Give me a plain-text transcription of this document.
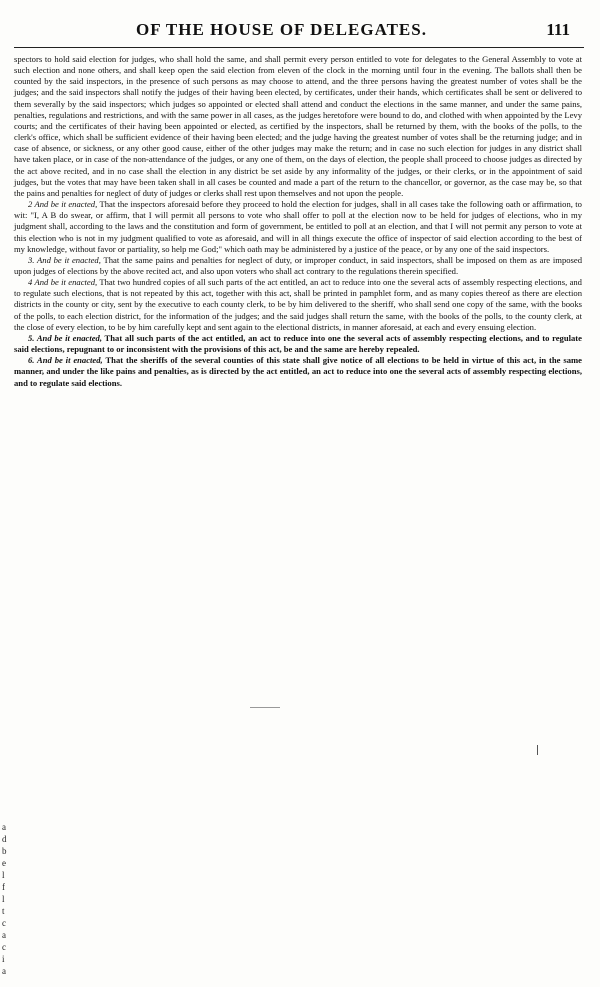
OF THE HOUSE OF DELEGATES.	111

spectors to hold said election for judges, who shall hold the same, and shall permit every person entitled to vote for delegates to the General Assembly to vote at such election and none others, and shall keep open the said election from eleven of the clock in the morning until four in the evening. The ballots shall then be counted by the said inspectors, in the presence of such persons as may choose to attend, and the three persons having the greatest number of votes shall be the judges; and the said inspectors shall notify the judges of their having been elected, by certificates, under their hands, which certificates shall be sent or delivered to them severally by the said inspectors; which judges so appointed or elected shall attend and conduct the elections in the same manner, and under the same pains, penalties, regulations and restrictions, and with the same power in all cases, as the judges heretofore were bound to do, and clothed with when appointed by the Levy courts; and the certificates of their having been appointed or elected, as certified by the inspectors, shall be returned by them, with the books of the polls, to the clerk's office, which shall be sufficient evidence of their having been elected; and the judge having the greatest number of votes shall be the returning judge; and in case of absence, or sickness, or any other good cause, either of the other judges may make the return; and in case no such election for judges in any district shall have taken place, or in case of the non-attendance of the judges, or any one of them, on the days of election, the people shall proceed to choose judges as directed by the act above recited, and in no case shall the election in any district be set aside by any informality of the judges, or their clerks, or in the appointment of said judges, but the votes that may have been taken shall in all cases be counted and made a part of the return to the chancellor, or governor, as the case may be, so that the pains and penalties for neglect of duty of judges or clerks shall rest upon themselves and not upon the people.

2 And be it enacted, That the inspectors aforesaid before they proceed to hold the election for judges, shall in all cases take the following oath or affirmation, to wit: "I, A B do swear, or affirm, that I will permit all persons to vote who shall offer to poll at the election now to be held for judges of elections, who in my judgment shall, according to the laws and the constitution and form of government, be entitled to poll at an election, and that I will not permit any person to vote at this election who is not in my judgment qualified to vote as aforesaid, and will in all things execute the office of inspector of said election according to the best of my knowledge, without favor or partiality, so help me God;" which oath may be administered by a justice of the peace, or by any one of the said inspectors.

3. And be it enacted, That the same pains and penalties for neglect of duty, or improper conduct, in said inspectors, shall be imposed on them as are imposed upon judges of elections by the above recited act, and also upon voters who shall act contrary to the regulations therein specified.

4 And be it enacted, That two hundred copies of all such parts of the act entitled, an act to reduce into one the several acts of assembly respecting elections, and to regulate such elections, that is not repeated by this act, together with this act, shall be printed in pamphlet form, and as many copies thereof as there are election districts in the county or city, sent by the executive to each county clerk, to be by him delivered to the sheriff, who shall send one copy of the same, with the books of the polls, to each election district, for the information of the judges; and the said judges shall return the same, with the books of the polls, to the county clerk, at the close of every election, to be by him carefully kept and sent again to the electional districts, in manner aforesaid, at each and every ensuing election.

5. And be it enacted, That all such parts of the act entitled, an act to reduce into one the several acts of assembly respecting elections, and to regulate said elections, repugnant to or inconsistent with the provisions of this act, be and the same are hereby repealed.

6. And be it enacted, That the sheriffs of the several counties of this state shall give notice of all elections to be held in virtue of this act, in the same manner, and under the like pains and penalties, as is directed by the act entitled, an act to reduce into one the several acts of assembly respecting elections, and to regulate said elections.

a
d
b
e
l
f
l
t
c
a
c
i
a
